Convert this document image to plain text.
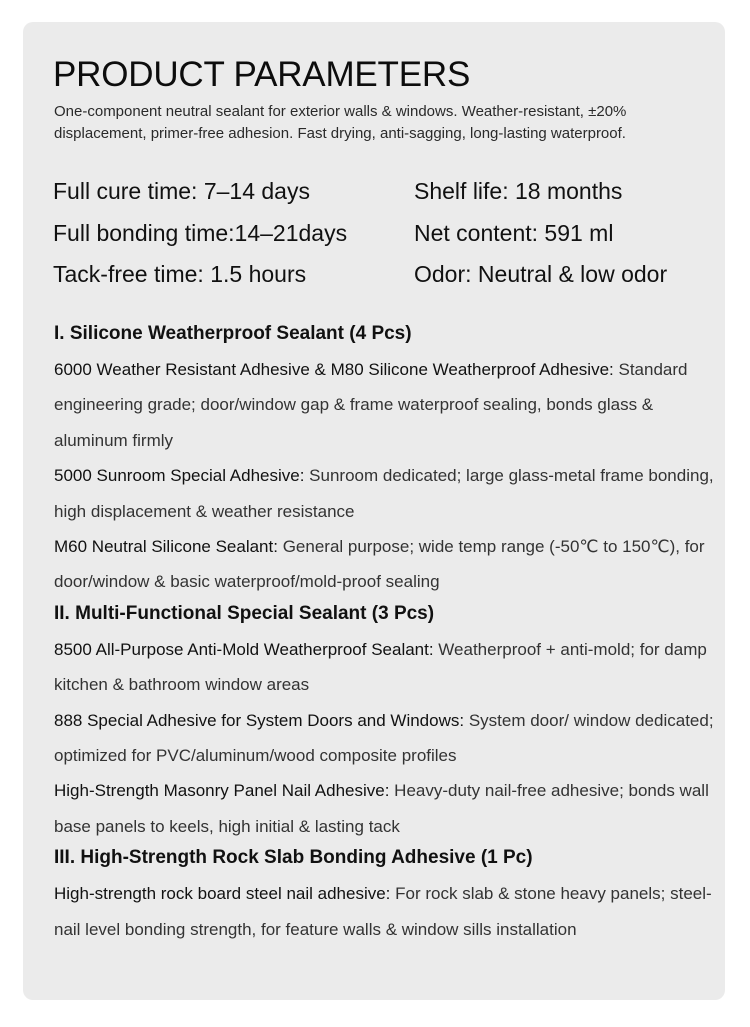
PRODUCT PARAMETERS

One-component neutral sealant for exterior walls & windows. Weather-resistant, ±20% displacement, primer-free adhesion. Fast drying, anti-sagging, long-lasting waterproof.

Full cure time: 7–14 days	Shelf life: 18 months
Full bonding time:14–21days	Net content: 591 ml
Tack-free time: 1.5 hours	Odor: Neutral & low odor
I. Silicone Weatherproof Sealant (4 Pcs)

6000 Weather Resistant Adhesive & M80 Silicone Weatherproof Adhesive: Standard engineering grade; door/window gap & frame waterproof sealing, bonds glass & aluminum firmly

5000 Sunroom Special Adhesive: Sunroom dedicated; large glass-metal frame bonding, high displacement & weather resistance

M60 Neutral Silicone Sealant: General purpose; wide temp range (-50℃ to 150℃), for door/window & basic waterproof/mold-proof sealing

II. Multi-Functional Special Sealant (3 Pcs)

8500 All-Purpose Anti-Mold Weatherproof Sealant: Weatherproof + anti-mold; for damp kitchen & bathroom window areas

888 Special Adhesive for System Doors and Windows: System door/ window dedicated; optimized for PVC/aluminum/wood composite profiles

High-Strength Masonry Panel Nail Adhesive: Heavy-duty nail-free adhesive; bonds wall base panels to keels, high initial & lasting tack

III. High-Strength Rock Slab Bonding Adhesive (1 Pc)

High-strength rock board steel nail adhesive: For rock slab & stone heavy panels; steel-nail level bonding strength, for feature walls & window sills installation
